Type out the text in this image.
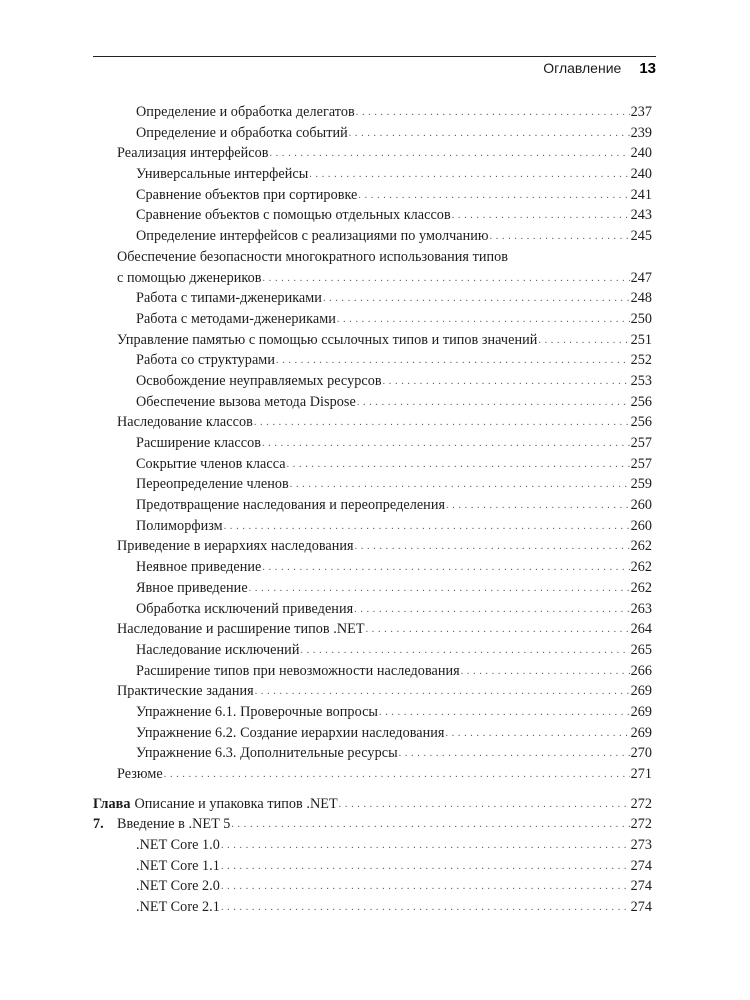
Оглавление 13
Определение и обработка делегатов . . .	237
Определение и обработка событий . . .	239
Реализация интерфейсов . . .	240
Универсальные интерфейсы . . .	240
Сравнение объектов при сортировке . . .	241
Сравнение объектов с помощью отдельных классов . . .	243
Определение интерфейсов с реализациями по умолчанию . . .	245
Обеспечение безопасности многократного использования типов
с помощью дженериков . . .	247
Работа с типами-дженериками . . .	248
Работа с методами-дженериками . . .	250
Управление памятью с помощью ссылочных типов и типов значений . . .	251
Работа со структурами . . .	252
Освобождение неуправляемых ресурсов . . .	253
Обеспечение вызова метода Dispose . . .	256
Наследование классов . . .	256
Расширение классов . . .	257
Сокрытие членов класса . . .	257
Переопределение членов . . .	259
Предотвращение наследования и переопределения . . .	260
Полиморфизм . . .	260
Приведение в иерархиях наследования . . .	262
Неявное приведение . . .	262
Явное приведение . . .	262
Обработка исключений приведения . . .	263
Наследование и расширение типов .NET . . .	264
Наследование исключений . . .	265
Расширение типов при невозможности наследования . . .	266
Практические задания . . .	269
Упражнение 6.1. Проверочные вопросы . . .	269
Упражнение 6.2. Создание иерархии наследования . . .	269
Упражнение 6.3. Дополнительные ресурсы . . .	270
Резюме . . .	271
Глава 7.
Описание и упаковка типов .NET . . .	272
Введение в .NET 5 . . .	272
.NET Core 1.0 . . .	273
.NET Core 1.1 . . .	274
.NET Core 2.0 . . .	274
.NET Core 2.1 . . .	274
